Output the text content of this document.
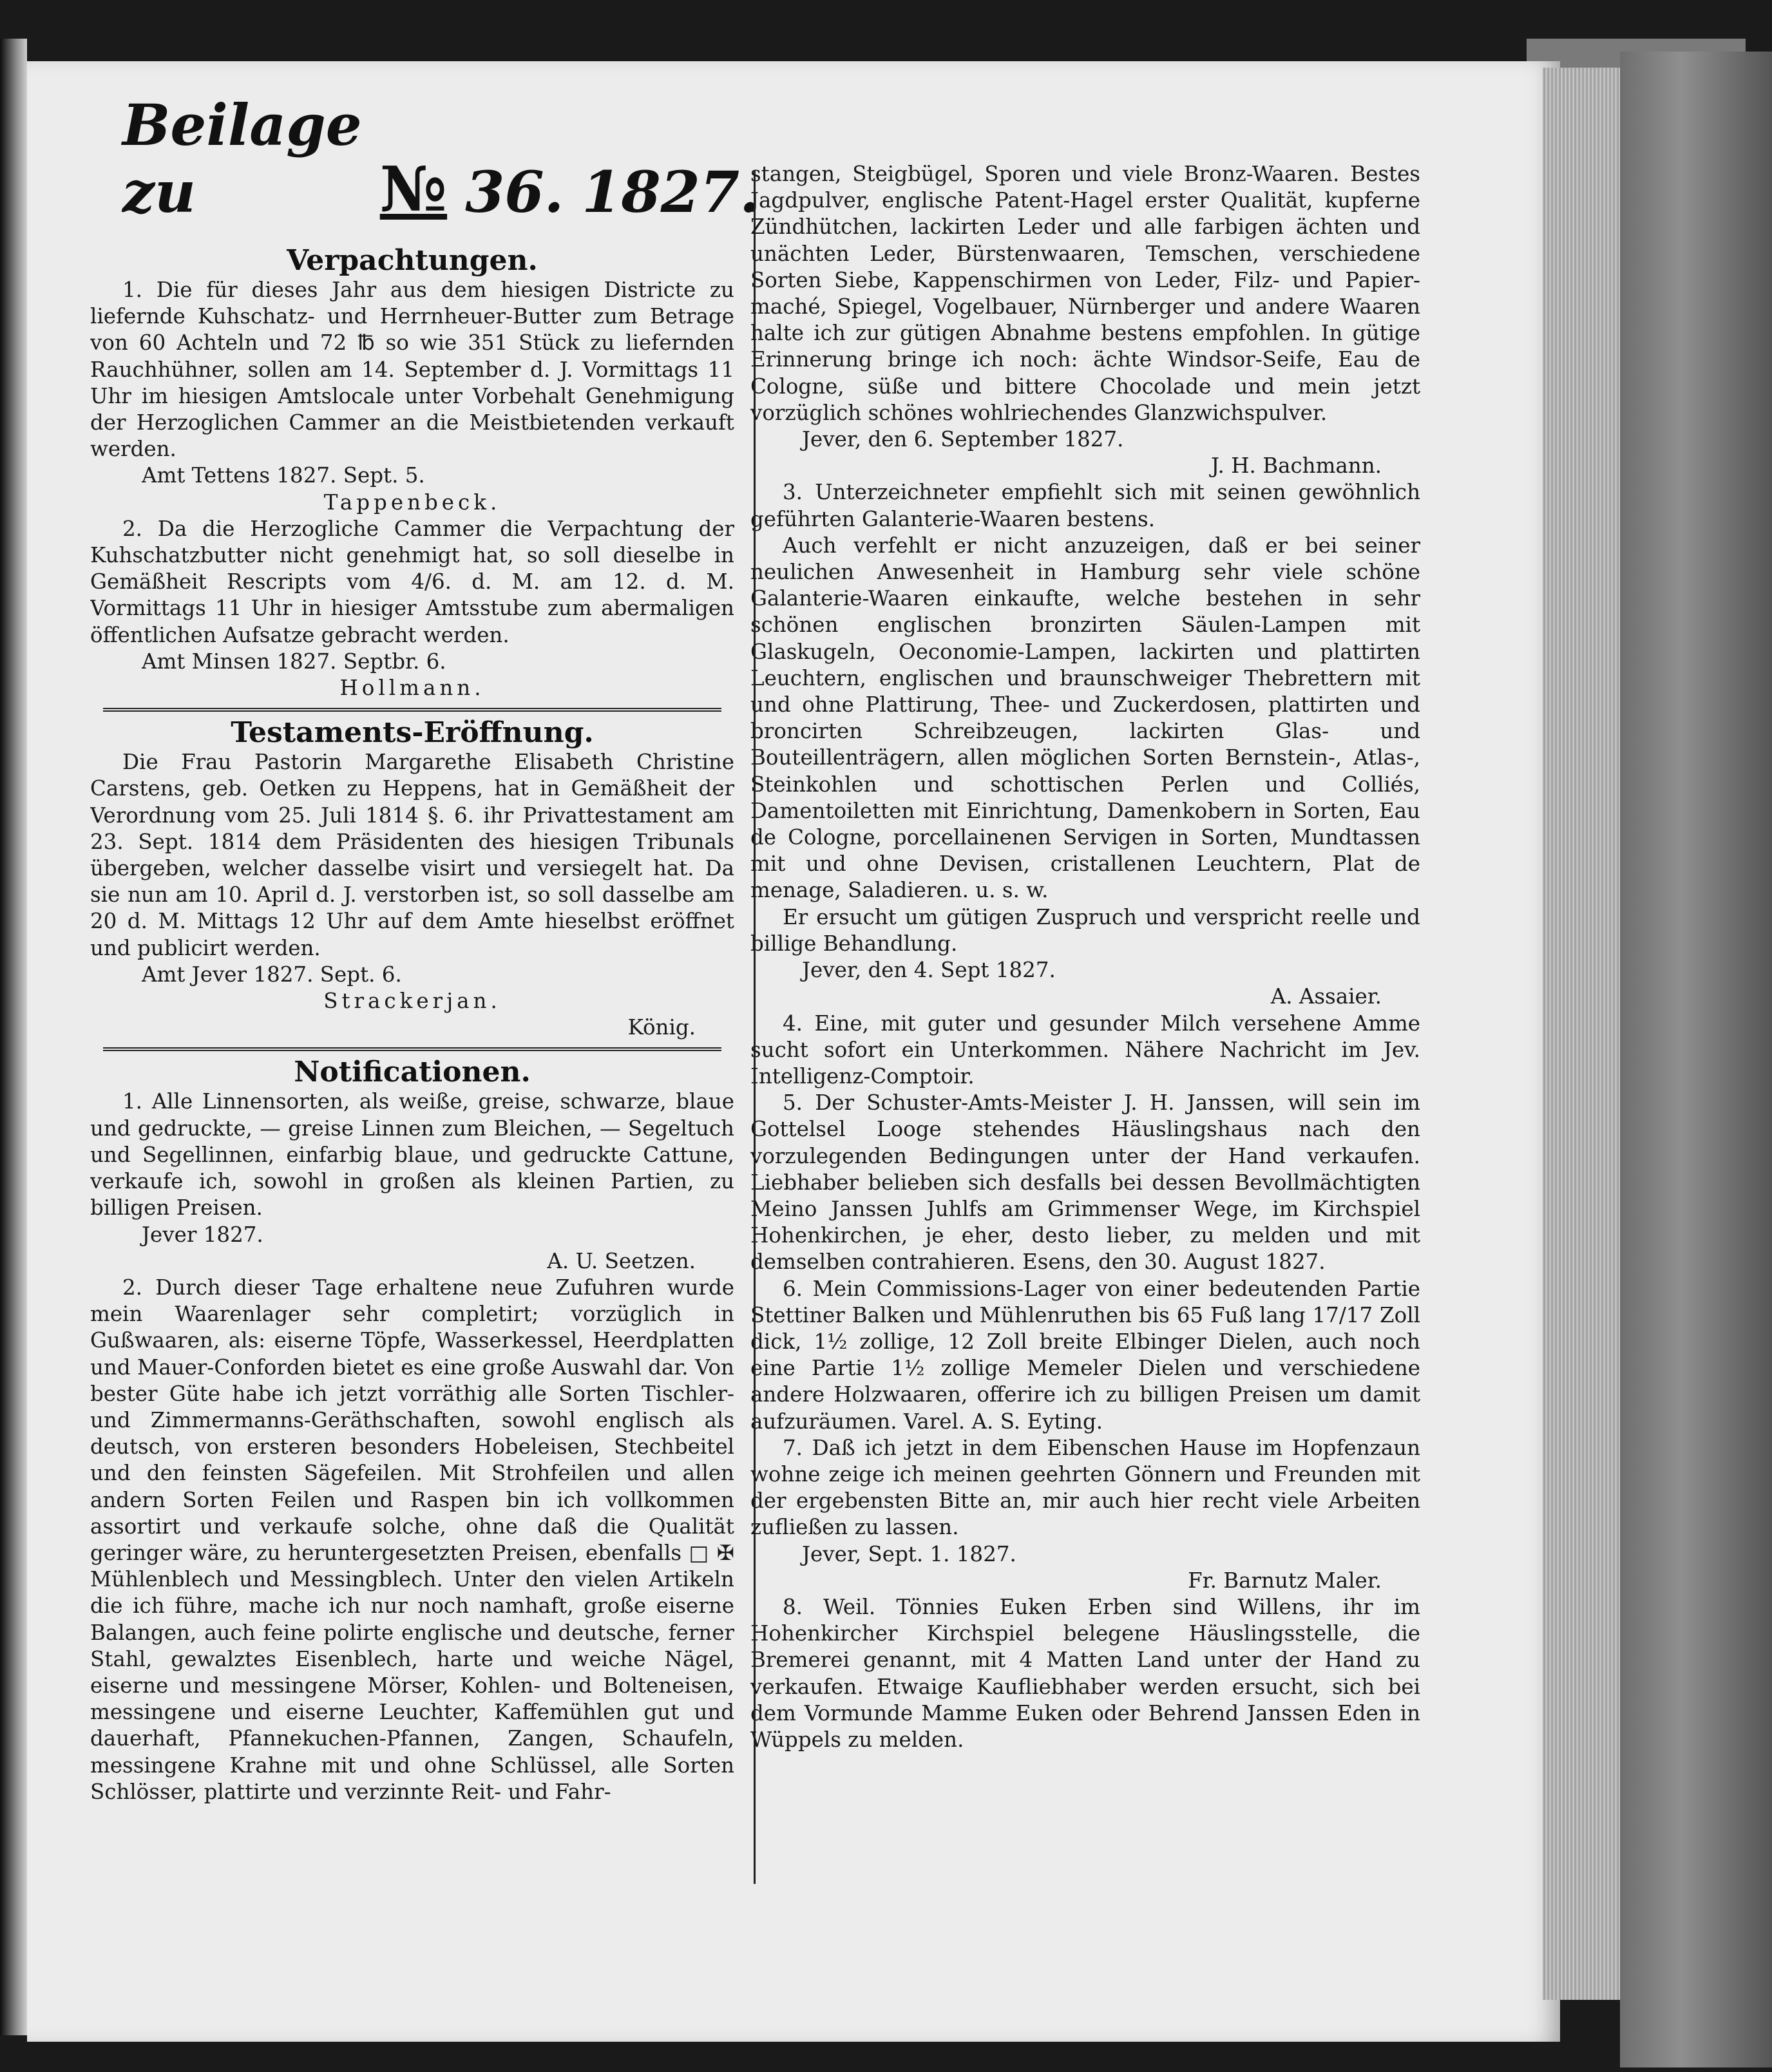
Beilage zu	№ 36. 1827.
Verpachtungen.

1. Die für dieses Jahr aus dem hiesigen Districte zu liefernde Kuhschatz- und Herrnheuer-Butter zum Betrage von 60 Achteln und 72 ℔ so wie 351 Stück zu liefernden Rauchhühner, sollen am 14. September d. J. Vormittags 11 Uhr im hiesigen Amtslocale unter Vorbehalt Genehmigung der Herzoglichen Cammer an die Meistbietenden verkauft werden.

Amt Tettens 1827. Sept. 5.

Tappenbeck.

2. Da die Herzogliche Cammer die Verpachtung der Kuhschatzbutter nicht genehmigt hat, so soll dieselbe in Gemäßheit Rescripts vom 4/6. d. M. am 12. d. M. Vormittags 11 Uhr in hiesiger Amtsstube zum abermaligen öffentlichen Aufsatze gebracht werden.

Amt Minsen 1827. Septbr. 6.

Hollmann.

Testaments-Eröffnung.

Die Frau Pastorin Margarethe Elisabeth Christine Carstens, geb. Oetken zu Heppens, hat in Gemäßheit der Verordnung vom 25. Juli 1814 §. 6. ihr Privattestament am 23. Sept. 1814 dem Präsidenten des hiesigen Tribunals übergeben, welcher dasselbe visirt und versiegelt hat. Da sie nun am 10. April d. J. verstorben ist, so soll dasselbe am 20 d. M. Mittags 12 Uhr auf dem Amte hieselbst eröffnet und publicirt werden.

Amt Jever 1827. Sept. 6.

Strackerjan.

König.

Notificationen.

1. Alle Linnensorten, als weiße, greise, schwarze, blaue und gedruckte, — greise Linnen zum Bleichen, — Segeltuch und Segellinnen, einfarbig blaue, und gedruckte Cattune, verkaufe ich, sowohl in großen als kleinen Partien, zu billigen Preisen.

Jever 1827.

A. U. Seetzen.

2. Durch dieser Tage erhaltene neue Zufuhren wurde mein Waarenlager sehr completirt; vorzüglich in Gußwaaren, als: eiserne Töpfe, Wasserkessel, Heerdplatten und Mauer-Conforden bietet es eine große Auswahl dar. Von bester Güte habe ich jetzt vorräthig alle Sorten Tischler- und Zimmermanns-Geräthschaften, sowohl englisch als deutsch, von ersteren besonders Hobeleisen, Stechbeitel und den feinsten Sägefeilen. Mit Strohfeilen und allen andern Sorten Feilen und Raspen bin ich vollkommen assortirt und verkaufe solche, ohne daß die Qualität geringer wäre, zu heruntergesetzten Preisen, ebenfalls □ ✠ Mühlenblech und Messingblech. Unter den vielen Artikeln die ich führe, mache ich nur noch namhaft, große eiserne Balangen, auch feine polirte englische und deutsche, ferner Stahl, gewalztes Eisenblech, harte und weiche Nägel, eiserne und messingene Mörser, Kohlen- und Bolteneisen, messingene und eiserne Leuchter, Kaffemühlen gut und dauerhaft, Pfannekuchen-Pfannen, Zangen, Schaufeln, messingene Krahne mit und ohne Schlüssel, alle Sorten Schlösser, plattirte und verzinnte Reit- und Fahr-

stangen, Steigbügel, Sporen und viele Bronz-Waaren. Bestes Jagdpulver, englische Patent-Hagel erster Qualität, kupferne Zündhütchen, lackirten Leder und alle farbigen ächten und unächten Leder, Bürstenwaaren, Temschen, verschiedene Sorten Siebe, Kappenschirmen von Leder, Filz- und Papier-maché, Spiegel, Vogelbauer, Nürnberger und andere Waaren halte ich zur gütigen Abnahme bestens empfohlen. In gütige Erinnerung bringe ich noch: ächte Windsor-Seife, Eau de Cologne, süße und bittere Chocolade und mein jetzt vorzüglich schönes wohlriechendes Glanzwichspulver.

Jever, den 6. September 1827.

J. H. Bachmann.

3. Unterzeichneter empfiehlt sich mit seinen gewöhnlich geführten Galanterie-Waaren bestens.

Auch verfehlt er nicht anzuzeigen, daß er bei seiner neulichen Anwesenheit in Hamburg sehr viele schöne Galanterie-Waaren einkaufte, welche bestehen in sehr schönen englischen bronzirten Säulen-Lampen mit Glaskugeln, Oeconomie-Lampen, lackirten und plattirten Leuchtern, englischen und braunschweiger Thebrettern mit und ohne Plattirung, Thee- und Zuckerdosen, plattirten und broncirten Schreibzeugen, lackirten Glas- und Bouteillenträgern, allen möglichen Sorten Bernstein-, Atlas-, Steinkohlen und schottischen Perlen und Colliés, Damentoiletten mit Einrichtung, Damenkobern in Sorten, Eau de Cologne, porcellainenen Servigen in Sorten, Mundtassen mit und ohne Devisen, cristallenen Leuchtern, Plat de menage, Saladieren. u. s. w.

Er ersucht um gütigen Zuspruch und verspricht reelle und billige Behandlung.

Jever, den 4. Sept 1827.

A. Assaier.

4. Eine, mit guter und gesunder Milch versehene Amme sucht sofort ein Unterkommen. Nähere Nachricht im Jev. Intelligenz-Comptoir.

5. Der Schuster-Amts-Meister J. H. Janssen, will sein im Gottelsel Looge stehendes Häuslingshaus nach den vorzulegenden Bedingungen unter der Hand verkaufen. Liebhaber belieben sich desfalls bei dessen Bevollmächtigten Meino Janssen Juhlfs am Grimmenser Wege, im Kirchspiel Hohenkirchen, je eher, desto lieber, zu melden und mit demselben contrahieren. Esens, den 30. August 1827.

6. Mein Commissions-Lager von einer bedeutenden Partie Stettiner Balken und Mühlenruthen bis 65 Fuß lang 17/17 Zoll dick, 1½ zollige, 12 Zoll breite Elbinger Dielen, auch noch eine Partie 1½ zollige Memeler Dielen und verschiedene andere Holzwaaren, offerire ich zu billigen Preisen um damit aufzuräumen. Varel. A. S. Eyting.

7. Daß ich jetzt in dem Eibenschen Hause im Hopfenzaun wohne zeige ich meinen geehrten Gönnern und Freunden mit der ergebensten Bitte an, mir auch hier recht viele Arbeiten zufließen zu lassen.

Jever, Sept. 1. 1827.

Fr. Barnutz Maler.

8. Weil. Tönnies Euken Erben sind Willens, ihr im Hohenkircher Kirchspiel belegene Häuslingsstelle, die Bremerei genannt, mit 4 Matten Land unter der Hand zu verkaufen. Etwaige Kaufliebhaber werden ersucht, sich bei dem Vormunde Mamme Euken oder Behrend Janssen Eden in Wüppels zu melden.
